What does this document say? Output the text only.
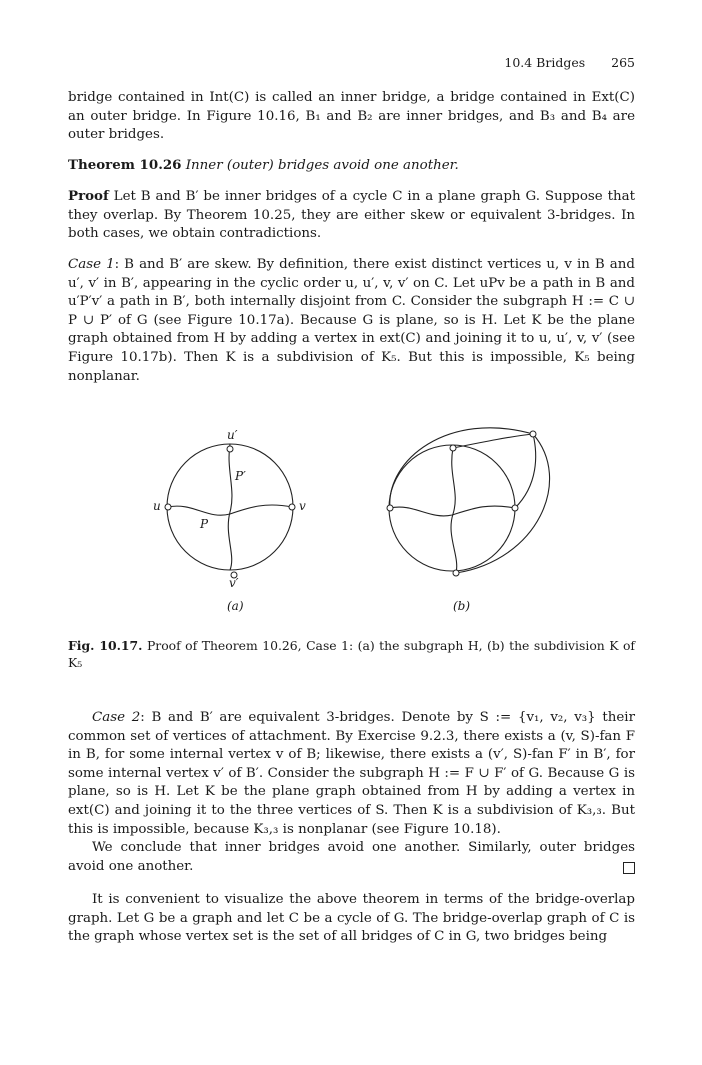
10.4 Bridges 265

bridge contained in Int(C) is called an inner bridge, a bridge contained in Ext(C) an outer bridge. In Figure 10.16, B₁ and B₂ are inner bridges, and B₃ and B₄ are outer bridges.

Theorem 10.26 Inner (outer) bridges avoid one another.

Proof Let B and B′ be inner bridges of a cycle C in a plane graph G. Suppose that they overlap. By Theorem 10.25, they are either skew or equivalent 3-bridges. In both cases, we obtain contradictions.

Case 1: B and B′ are skew. By definition, there exist distinct vertices u, v in B and u′, v′ in B′, appearing in the cyclic order u, u′, v, v′ on C. Let uPv be a path in B and u′P′v′ a path in B′, both internally disjoint from C. Consider the subgraph H := C ∪ P ∪ P′ of G (see Figure 10.17a). Because G is plane, so is H. Let K be the plane graph obtained from H by adding a vertex in ext(C) and joining it to u, u′, v, v′ (see Figure 10.17b). Then K is a subdivision of K₅. But this is impossible, K₅ being nonplanar.

u	v
u′
v′
P
P′
(a)	(b)

Fig. 10.17. Proof of Theorem 10.26, Case 1: (a) the subgraph H, (b) the subdivision K of K₅

Case 2: B and B′ are equivalent 3-bridges. Denote by S := {v₁, v₂, v₃} their common set of vertices of attachment. By Exercise 9.2.3, there exists a (v, S)-fan F in B, for some internal vertex v of B; likewise, there exists a (v′, S)-fan F′ in B′, for some internal vertex v′ of B′. Consider the subgraph H := F ∪ F′ of G. Because G is plane, so is H. Let K be the plane graph obtained from H by adding a vertex in ext(C) and joining it to the three vertices of S. Then K is a subdivision of K₃,₃. But this is impossible, because K₃,₃ is nonplanar (see Figure 10.18).

We conclude that inner bridges avoid one another. Similarly, outer bridges avoid one another.

It is convenient to visualize the above theorem in terms of the bridge-overlap graph. Let G be a graph and let C be a cycle of G. The bridge-overlap graph of C is the graph whose vertex set is the set of all bridges of C in G, two bridges being
